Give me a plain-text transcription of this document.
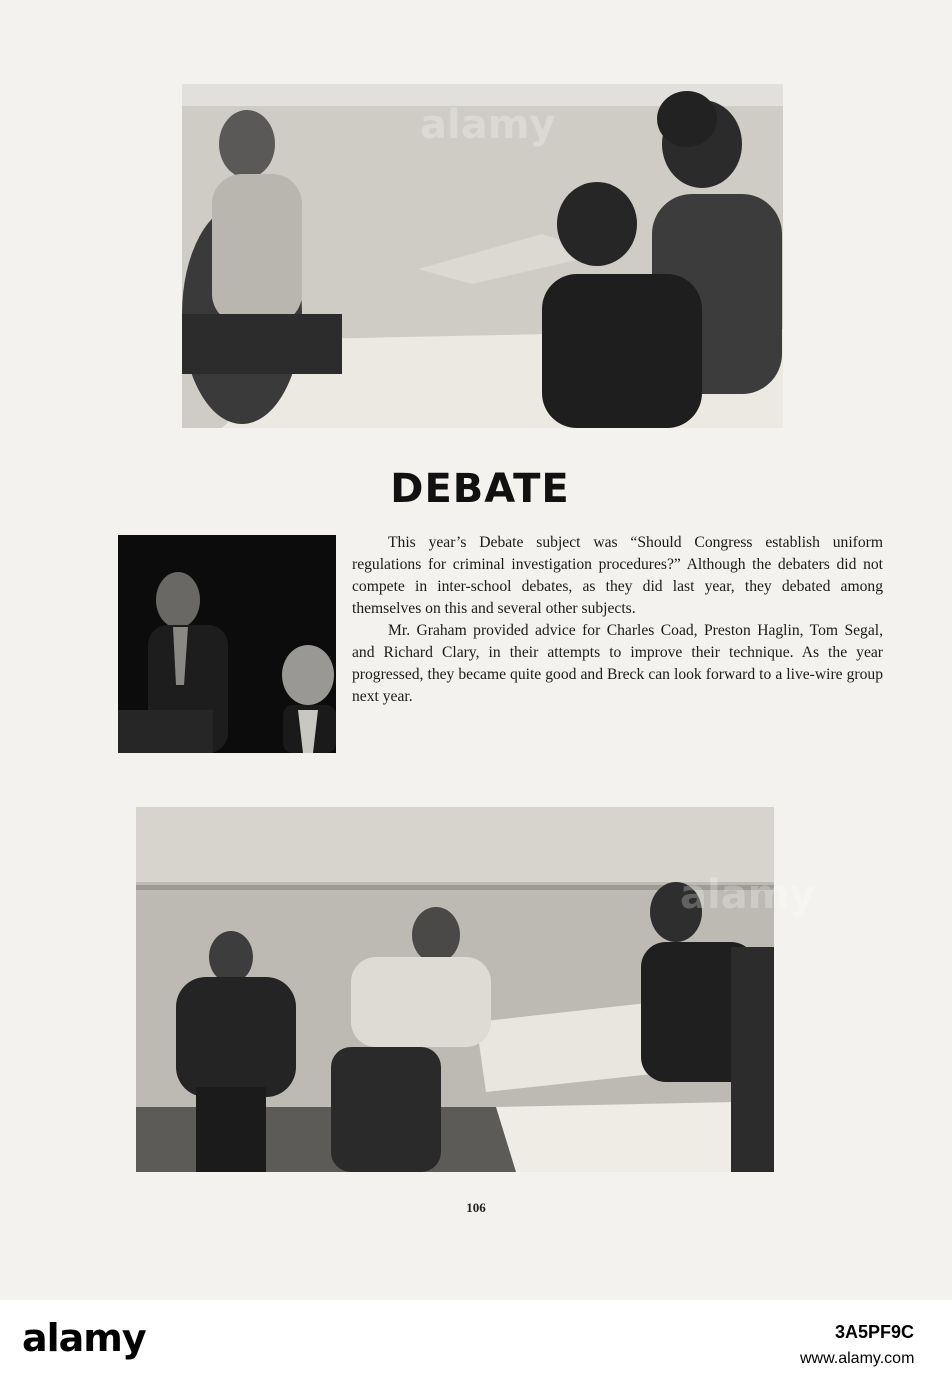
DEBATE

This year’s Debate subject was “Should Congress establish uniform regulations for criminal investigation procedures?” Although the debaters did not compete in inter-school debates, as they did last year, they debated among themselves on this and several other subjects.

Mr. Graham provided advice for Charles Coad, Preston Haglin, Tom Segal, and Richard Clary, in their attempts to improve their technique. As the year progressed, they became quite good and Breck can look forward to a live-wire group next year.

106
alamy
alamy
alamy	3A5PF9C
www.alamy.com
